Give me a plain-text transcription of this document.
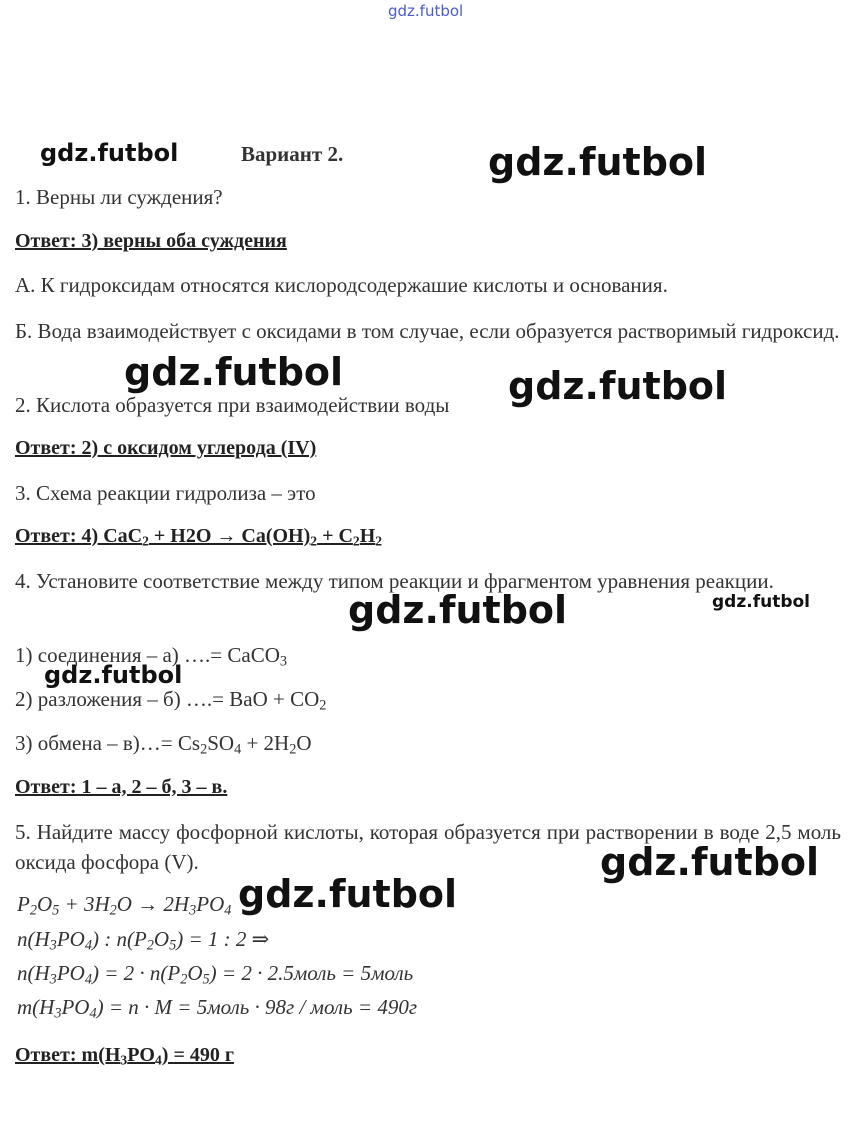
gdz.futbol
gdz.futbol	gdz.futbol
gdz.futbol	gdz.futbol
gdz.futbol	gdz.futbol
gdz.futbol
gdz.futbol
gdz.futbol
Вариант 2.
1. Верны ли суждения?
Ответ: 3) верны оба суждения
А. К гидроксидам относятся кислородсодержашие кислоты и основания.
Б. Вода взаимодействует с оксидами в том случае, если образуется растворимый гидроксид.
2. Кислота образуется при взаимодействии воды
Ответ: 2) с оксидом углерода (IV)
3. Схема реакции гидролиза – это
Ответ: 4) $CaC_2 + H2O \to Ca(OH)_2 + C_2H_2$
4. Установите соответствие между типом реакции и фрагментом уравнения реакции.
1) соединения – а) ….= CaCO$_3$
2) разложения – б) ….= BaO + $CO_2$
3) обмена – в)…= $Cs_2SO_4 + 2H_2O$
Ответ: 1 – а, 2 – б, 3 – в.
5. Найдите массу фосфорной кислоты, которая образуется при растворении в воде 2,5 моль оксида фосфора (V).
$P_2O_5 + 3H_2O \to 2H_3PO_4$
$n(H_3PO_4)$ : $n(P_2O_5) = 1$ : 2 ⇒
$n(H_3PO_4) = 2 \cdot n(P_2O_5) = 2$ · 2.5моль = 5моль
$m(H_3PO_4) = n \cdot M$ = 5моль · 98г / моль = 490г
Ответ: $m(H_3PO_4) = 490$ г
